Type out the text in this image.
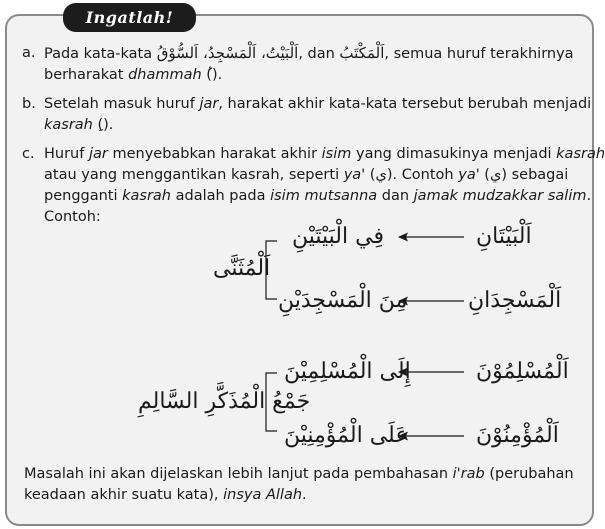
Ingatlah!
a. Pada kata-kata اَلْبَيْتُ، اَلْمَسْجِدُ، اَلسُّوْقُ, dan اَلْمَكْتَبُ, semua huruf terakhirnya

berharakat dhammah (ُ).

b. Setelah masuk huruf jar, harakat akhir kata-kata tersebut berubah menjadi

kasrah (ِ).

c. Huruf jar menyebabkan harakat akhir isim yang dimasukinya menjadi kasrah

atau yang menggantikan kasrah, seperti ya' (ي). Contoh ya' (ي) sebagai

pengganti kasrah adalah pada isim mutsanna dan jamak mudzakkar salim.

Contoh:

اَلْبَيْتَانِ
فِي الْبَيْتَيْنِ
اَلْمَسْجِدَانِ
مِنَ الْمَسْجِدَيْنِ
اَلْمُسْلِمُوْنَ
إِلَى الْمُسْلِمِيْنَ
اَلْمُؤْمِنُوْنَ
عَلَى الْمُؤْمِنِيْنَ
اَلْمُثَنَّى
جَمْعُ الْمُذَكَّرِ السَّالِمِ
Masalah ini akan dijelaskan lebih lanjut pada pembahasan i'rab (perubahan
keadaan akhir suatu kata), insya Allah.
